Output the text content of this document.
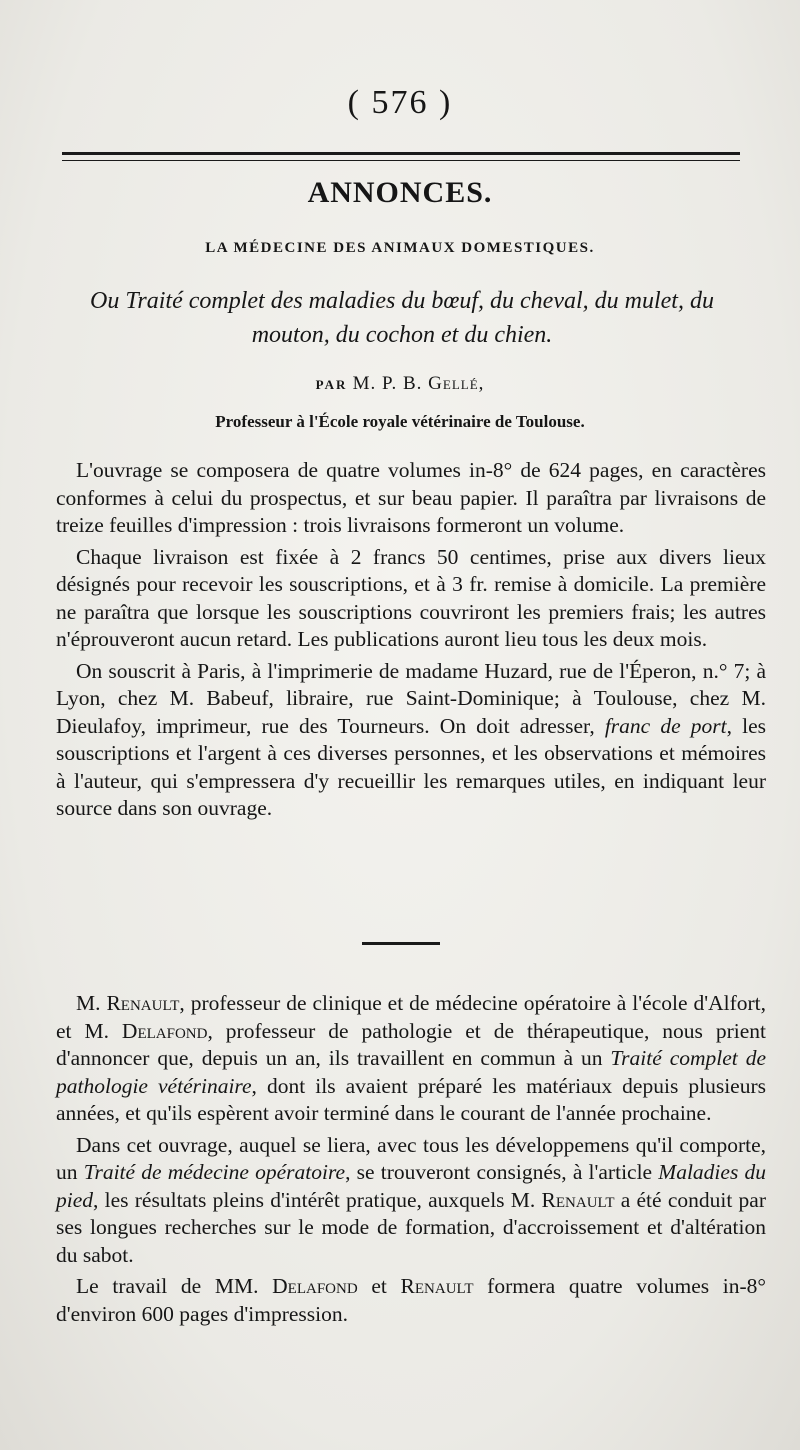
( 576 )
ANNONCES.
LA MÉDECINE DES ANIMAUX DOMESTIQUES.
Ou Traité complet des maladies du bœuf, du cheval, du mulet, du mouton, du cochon et du chien.
PAR M. P. B. Gellé,
Professeur à l'École royale vétérinaire de Toulouse.

L'ouvrage se composera de quatre volumes in-8° de 624 pages, en caractères conformes à celui du prospectus, et sur beau papier. Il paraîtra par livraisons de treize feuilles d'impression : trois livraisons formeront un volume.

Chaque livraison est fixée à 2 francs 50 centimes, prise aux divers lieux désignés pour recevoir les souscriptions, et à 3 fr. remise à domicile. La première ne paraîtra que lorsque les souscriptions couvriront les premiers frais; les autres n'éprouveront aucun retard. Les publications auront lieu tous les deux mois.

On souscrit à Paris, à l'imprimerie de madame Huzard, rue de l'Éperon, n.° 7; à Lyon, chez M. Babeuf, libraire, rue Saint-Dominique; à Toulouse, chez M. Dieulafoy, imprimeur, rue des Tourneurs. On doit adresser, franc de port, les souscriptions et l'argent à ces diverses personnes, et les observations et mémoires à l'auteur, qui s'empressera d'y recueillir les remarques utiles, en indiquant leur source dans son ouvrage.

M. Renault, professeur de clinique et de médecine opératoire à l'école d'Alfort, et M. Delafond, professeur de pathologie et de thérapeutique, nous prient d'annoncer que, depuis un an, ils travaillent en commun à un Traité complet de pathologie vétérinaire, dont ils avaient préparé les matériaux depuis plusieurs années, et qu'ils espèrent avoir terminé dans le courant de l'année prochaine.

Dans cet ouvrage, auquel se liera, avec tous les développemens qu'il comporte, un Traité de médecine opératoire, se trouveront consignés, à l'article Maladies du pied, les résultats pleins d'intérêt pratique, auxquels M. Renault a été conduit par ses longues recherches sur le mode de formation, d'accroissement et d'altération du sabot.

Le travail de MM. Delafond et Renault formera quatre volumes in-8° d'environ 600 pages d'impression.
